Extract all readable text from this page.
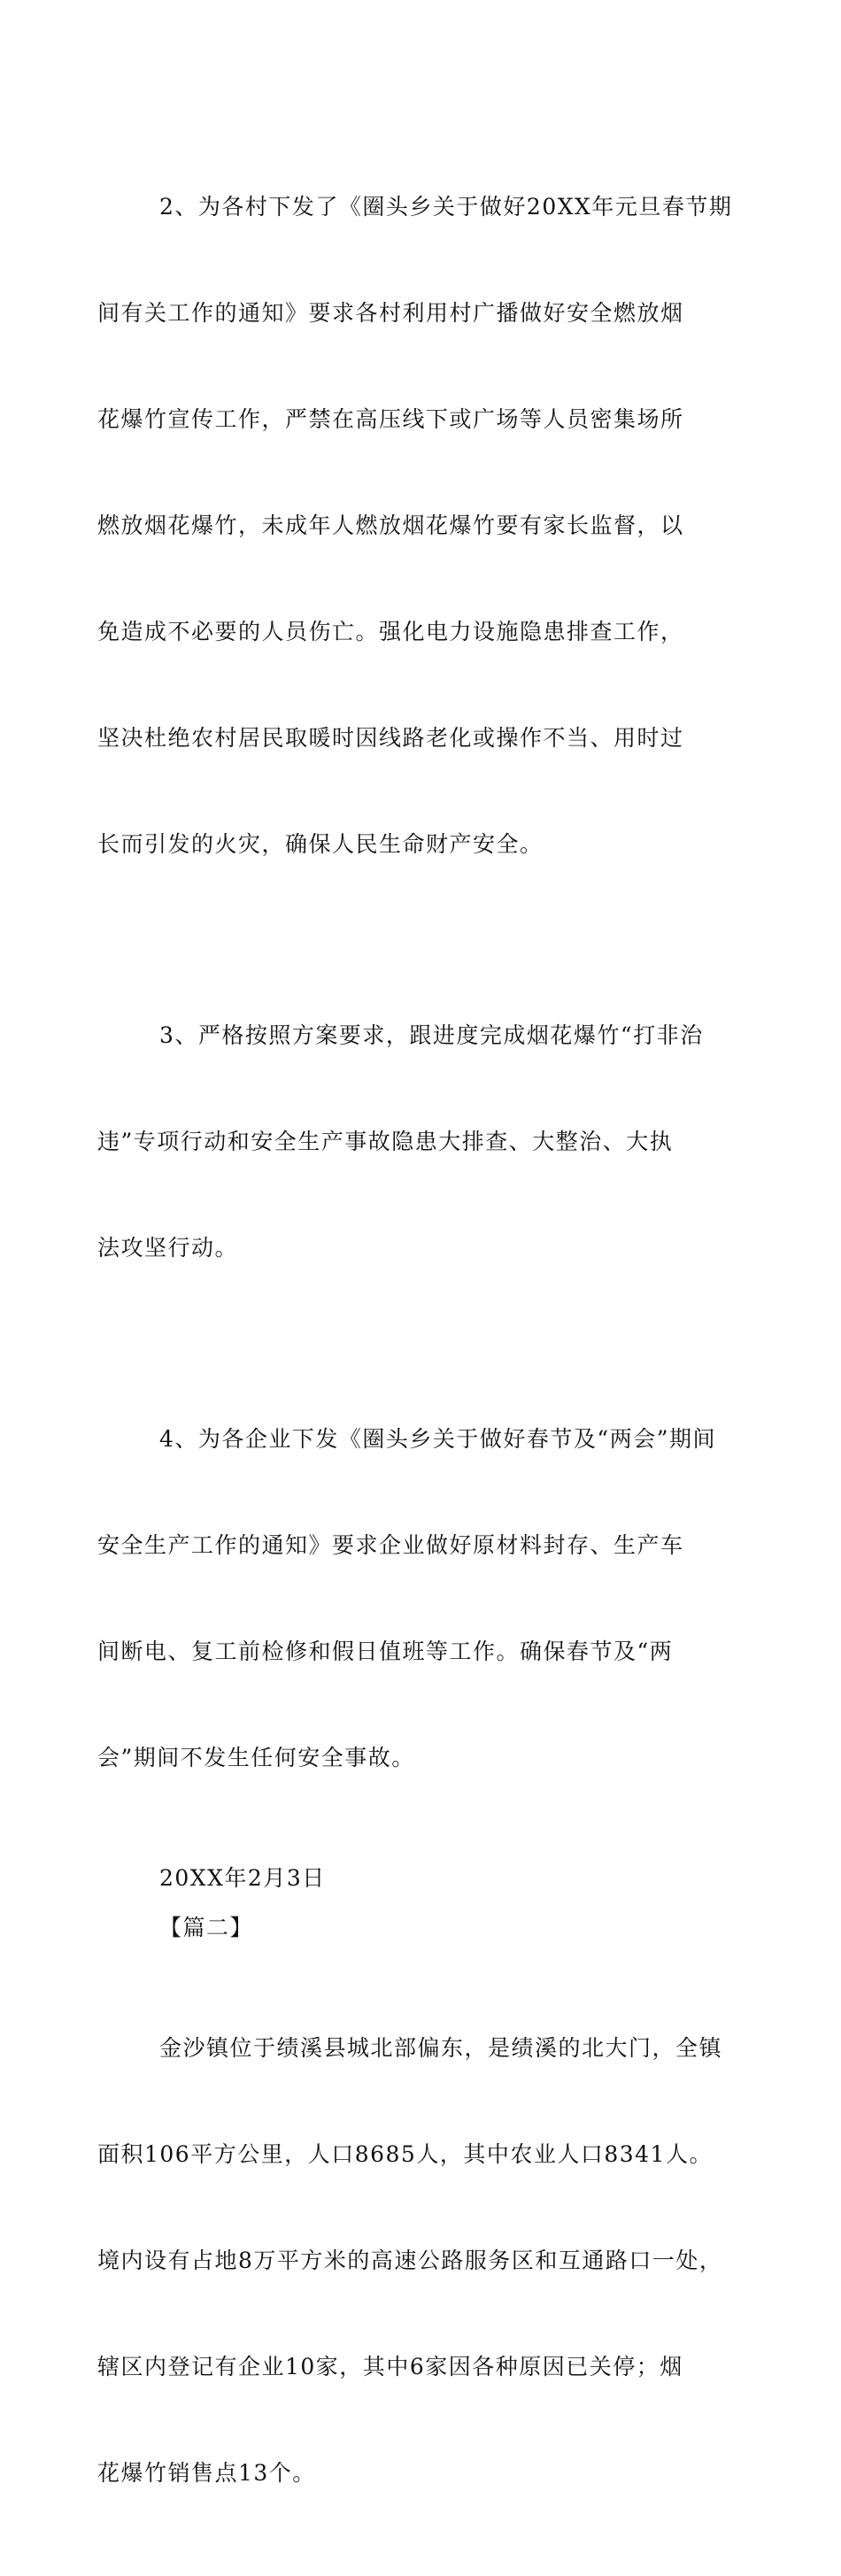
2、为各村下发了《圈头乡关于做好20XX年元旦春节期

间有关工作的通知》要求各村利用村广播做好安全燃放烟

花爆竹宣传工作，严禁在高压线下或广场等人员密集场所

燃放烟花爆竹，未成年人燃放烟花爆竹要有家长监督，以

免造成不必要的人员伤亡。强化电力设施隐患排查工作，

坚决杜绝农村居民取暖时因线路老化或操作不当、用时过

长而引发的火灾，确保人民生命财产安全。

3、严格按照方案要求，跟进度完成烟花爆竹“打非治

违”专项行动和安全生产事故隐患大排查、大整治、大执

法攻坚行动。

4、为各企业下发《圈头乡关于做好春节及“两会”期间

安全生产工作的通知》要求企业做好原材料封存、生产车

间断电、复工前检修和假日值班等工作。确保春节及“两

会”期间不发生任何安全事故。

20XX年2月3日
【篇二】

金沙镇位于绩溪县城北部偏东，是绩溪的北大门，全镇

面积106平方公里，人口8685人，其中农业人口8341人。

境内设有占地8万平方米的高速公路服务区和互通路口一处，

辖区内登记有企业10家，其中6家因各种原因已关停；烟

花爆竹销售点13个。
